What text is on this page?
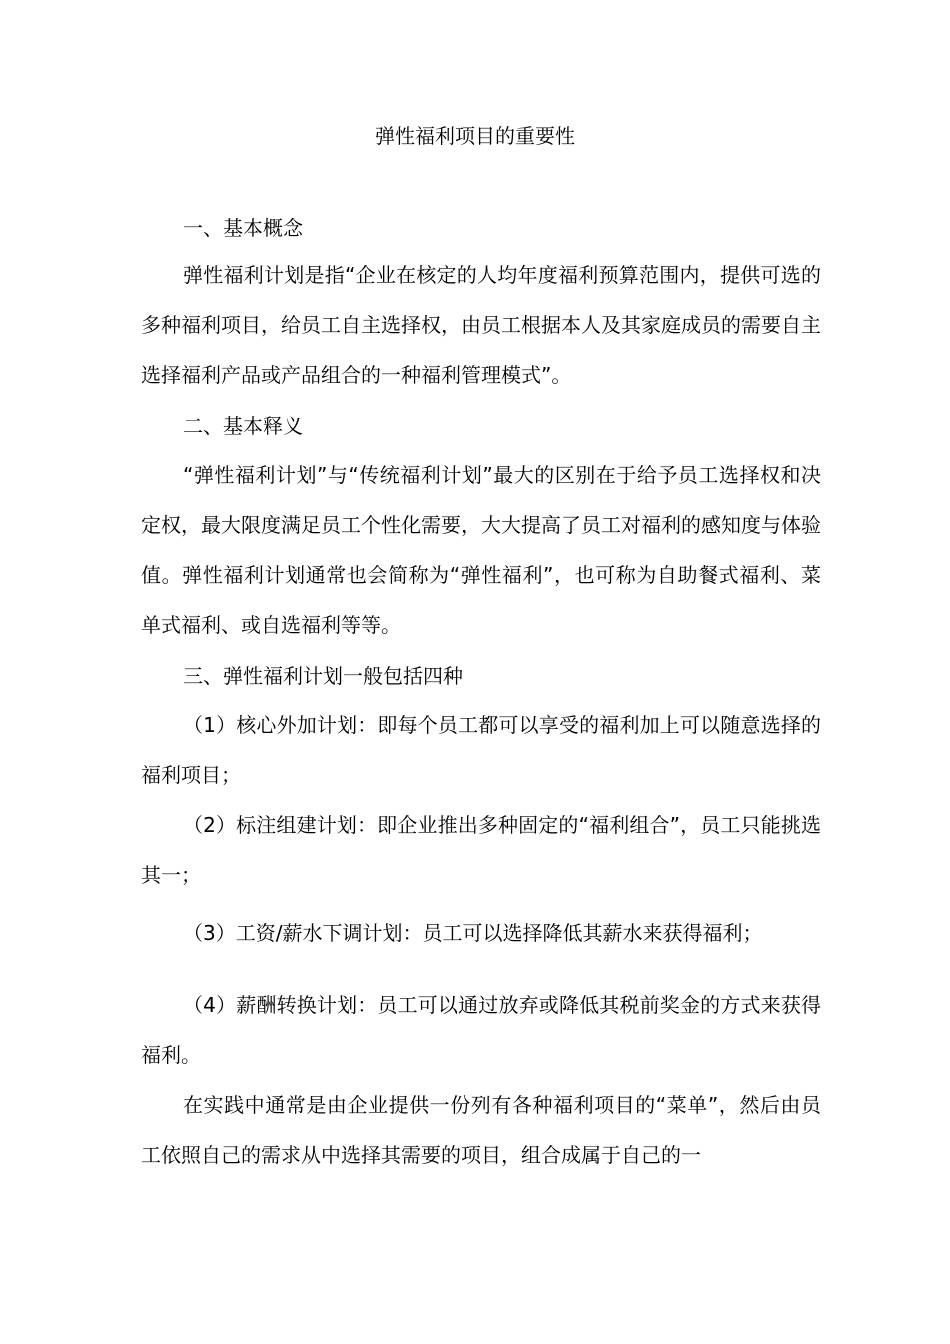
弹性福利项目的重要性
一、基本概念

弹性福利计划是指“企业在核定的人均年度福利预算范围内，提供可选的多种福利项目，给员工自主选择权，由员工根据本人及其家庭成员的需要自主选择福利产品或产品组合的一种福利管理模式”。

二、基本释义

“弹性福利计划”与“传统福利计划”最大的区别在于给予员工选择权和决定权，最大限度满足员工个性化需要，大大提高了员工对福利的感知度与体验值。弹性福利计划通常也会简称为“弹性福利”，也可称为自助餐式福利、菜单式福利、或自选福利等等。

三、弹性福利计划一般包括四种

（1）核心外加计划：即每个员工都可以享受的福利加上可以随意选择的福利项目；

（2）标注组建计划：即企业推出多种固定的“福利组合”，员工只能挑选其一；

（3）工资/薪水下调计划：员工可以选择降低其薪水来获得福利；

（4）薪酬转换计划：员工可以通过放弃或降低其税前奖金的方式来获得福利。

在实践中通常是由企业提供一份列有各种福利项目的“菜单”，然后由员工依照自己的需求从中选择其需要的项目，组合成属于自己的一
